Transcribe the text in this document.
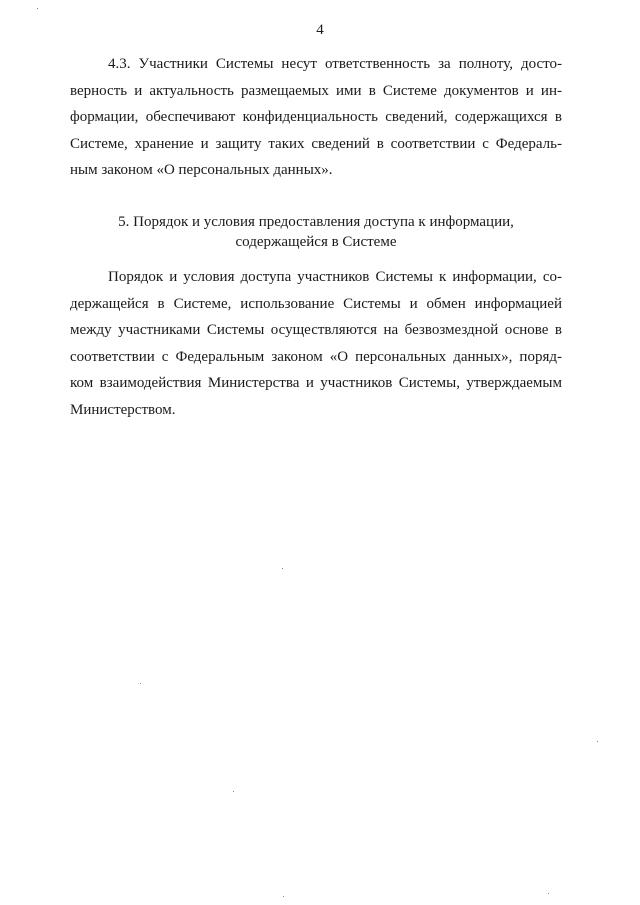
4
4.3. Участники Системы несут ответственность за полноту, досто-
верность и актуальность размещаемых ими в Системе документов и ин-
формации, обеспечивают конфиденциальность сведений, содержащихся в
Системе, хранение и защиту таких сведений в соответствии с Федераль-
ным законом «О персональных данных».
5. Порядок и условия предоставления доступа к информации,
содержащейся в Системе
Порядок и условия доступа участников Системы к информации, со-
держащейся в Системе, использование Системы и обмен информацией
между участниками Системы осуществляются на безвозмездной основе в
соответствии с Федеральным законом «О персональных данных», поряд-
ком взаимодействия Министерства и участников Системы, утверждаемым
Министерством.
